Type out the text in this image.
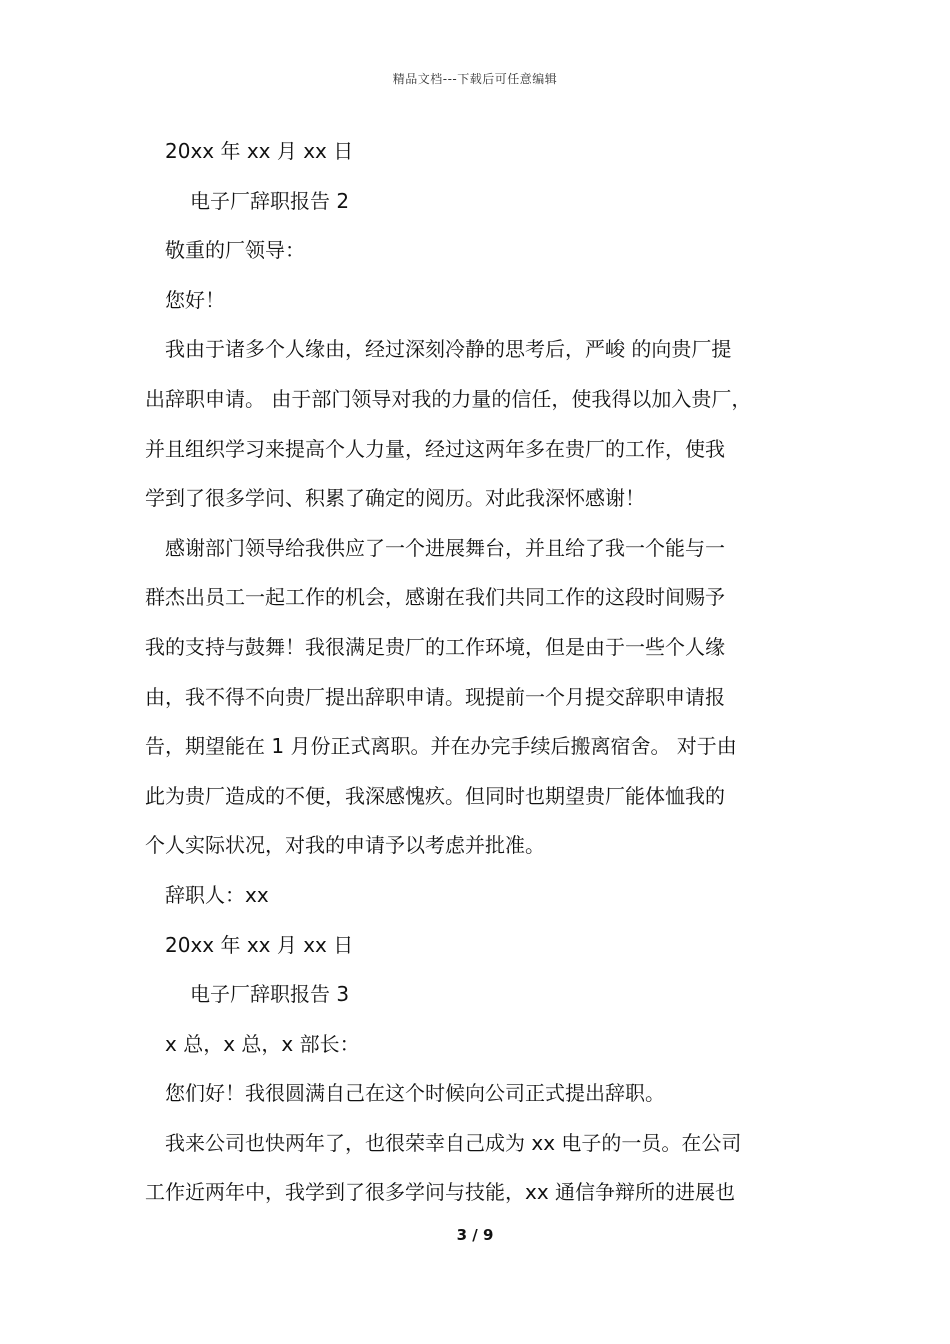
精品文档---下载后可任意编辑

20xx 年 xx 月 xx 日

电子厂辞职报告 2

敬重的厂领导：

您好！

我由于诸多个人缘由，经过深刻冷静的思考后，严峻 的向贵厂提

出辞职申请。 由于部门领导对我的力量的信任，使我得以加入贵厂，

并且组织学习来提高个人力量，经过这两年多在贵厂的工作，使我

学到了很多学问、积累了确定的阅历。对此我深怀感谢！

感谢部门领导给我供应了一个进展舞台，并且给了我一个能与一

群杰出员工一起工作的机会，感谢在我们共同工作的这段时间赐予

我的支持与鼓舞！我很满足贵厂的工作环境，但是由于一些个人缘

由，我不得不向贵厂提出辞职申请。现提前一个月提交辞职申请报

告，期望能在 1 月份正式离职。并在办完手续后搬离宿舍。 对于由

此为贵厂造成的不便，我深感愧疚。但同时也期望贵厂能体恤我的

个人实际状况，对我的申请予以考虑并批准。

辞职人：xx

20xx 年 xx 月 xx 日

电子厂辞职报告 3

x 总，x 总，x 部长：

您们好！我很圆满自己在这个时候向公司正式提出辞职。

我来公司也快两年了，也很荣幸自己成为 xx 电子的一员。在公司

工作近两年中，我学到了很多学问与技能，xx 通信争辩所的进展也

3 / 9
